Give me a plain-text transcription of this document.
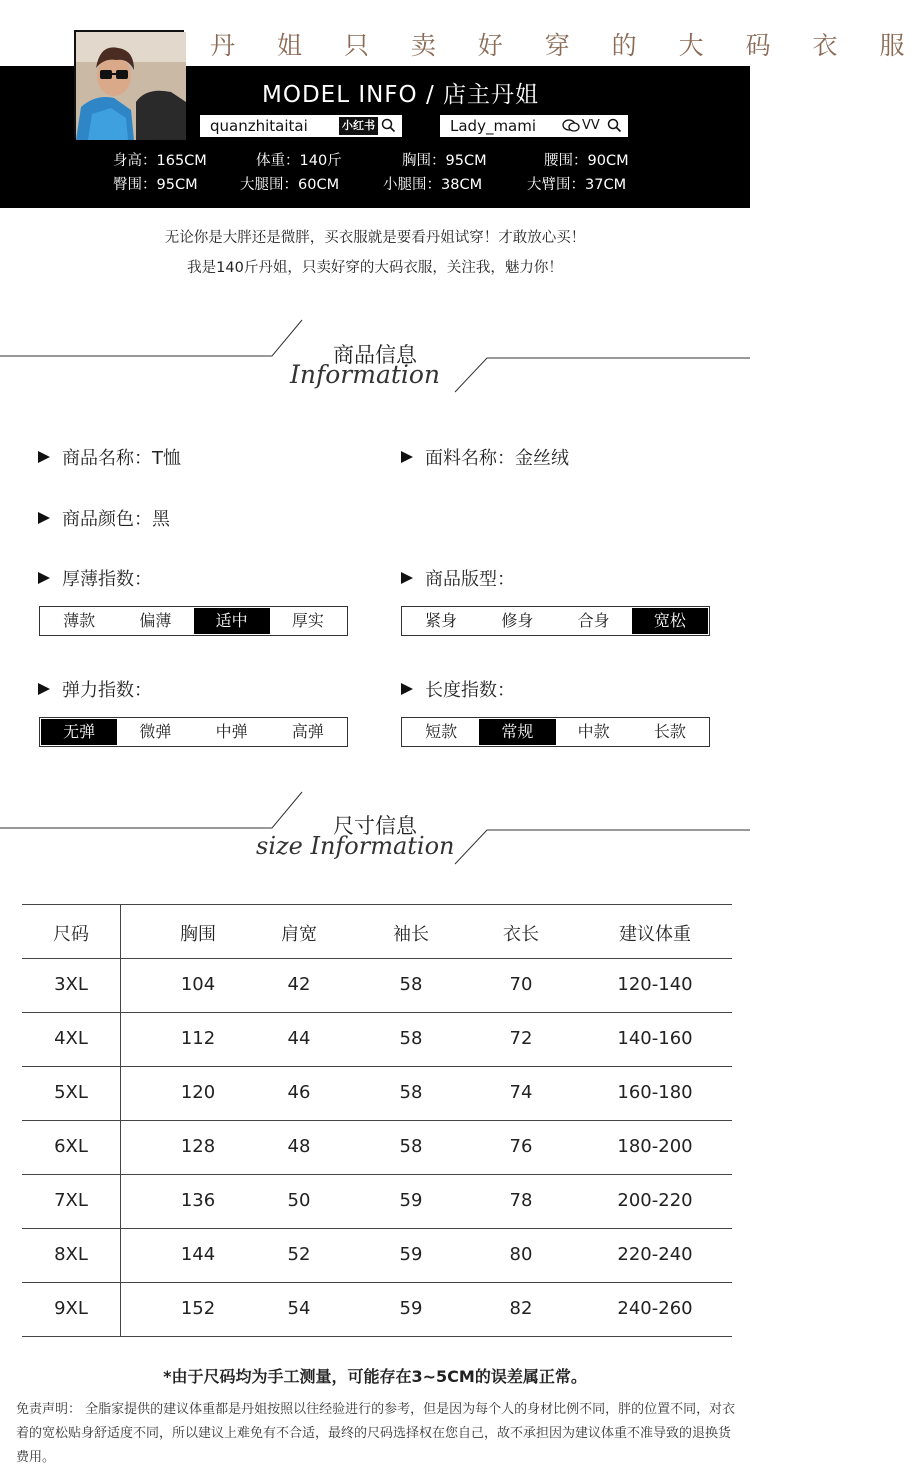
丹 姐 只 卖 好 穿 的 大 码 衣 服
MODEL INFO / 店主丹姐
quanzhitaitai	小红书	Lady_mami	VV
身高：165CM	体重：140斤	胸围：95CM	腰围：90CM
臀围：95CM	大腿围：60CM	小腿围：38CM	大臂围：37CM
无论你是大胖还是微胖，买衣服就是要看丹姐试穿！才敢放心买！
我是140斤丹姐，只卖好穿的大码衣服，关注我，魅力你！
商品信息
Information
商品名称：T恤	面料名称：金丝绒
商品颜色：黑
厚薄指数：	商品版型：
薄款	偏薄	适中	厚实	紧身	修身	合身	宽松
弹力指数：	长度指数：
无弹	微弹	中弹	高弹	短款	常规	中款	长款
尺寸信息
size Information
尺码	胸围	肩宽	袖长	衣长	建议体重
3XL	104	42	58	70	120-140
4XL	112	44	58	72	140-160
5XL	120	46	58	74	160-180
6XL	128	48	58	76	180-200
7XL	136	50	59	78	200-220
8XL	144	52	59	80	220-240
9XL	152	54	59	82	240-260
*由于尺码均为手工测量，可能存在3~5CM的误差属正常。
免责声明： 全脂家提供的建议体重都是丹姐按照以往经验进行的参考，但是因为每个人的身材比例不同，胖的位置不同，对衣着的宽松贴身舒适度不同，所以建议上难免有不合适，最终的尺码选择权在您自己，故不承担因为建议体重不准导致的退换货费用。
